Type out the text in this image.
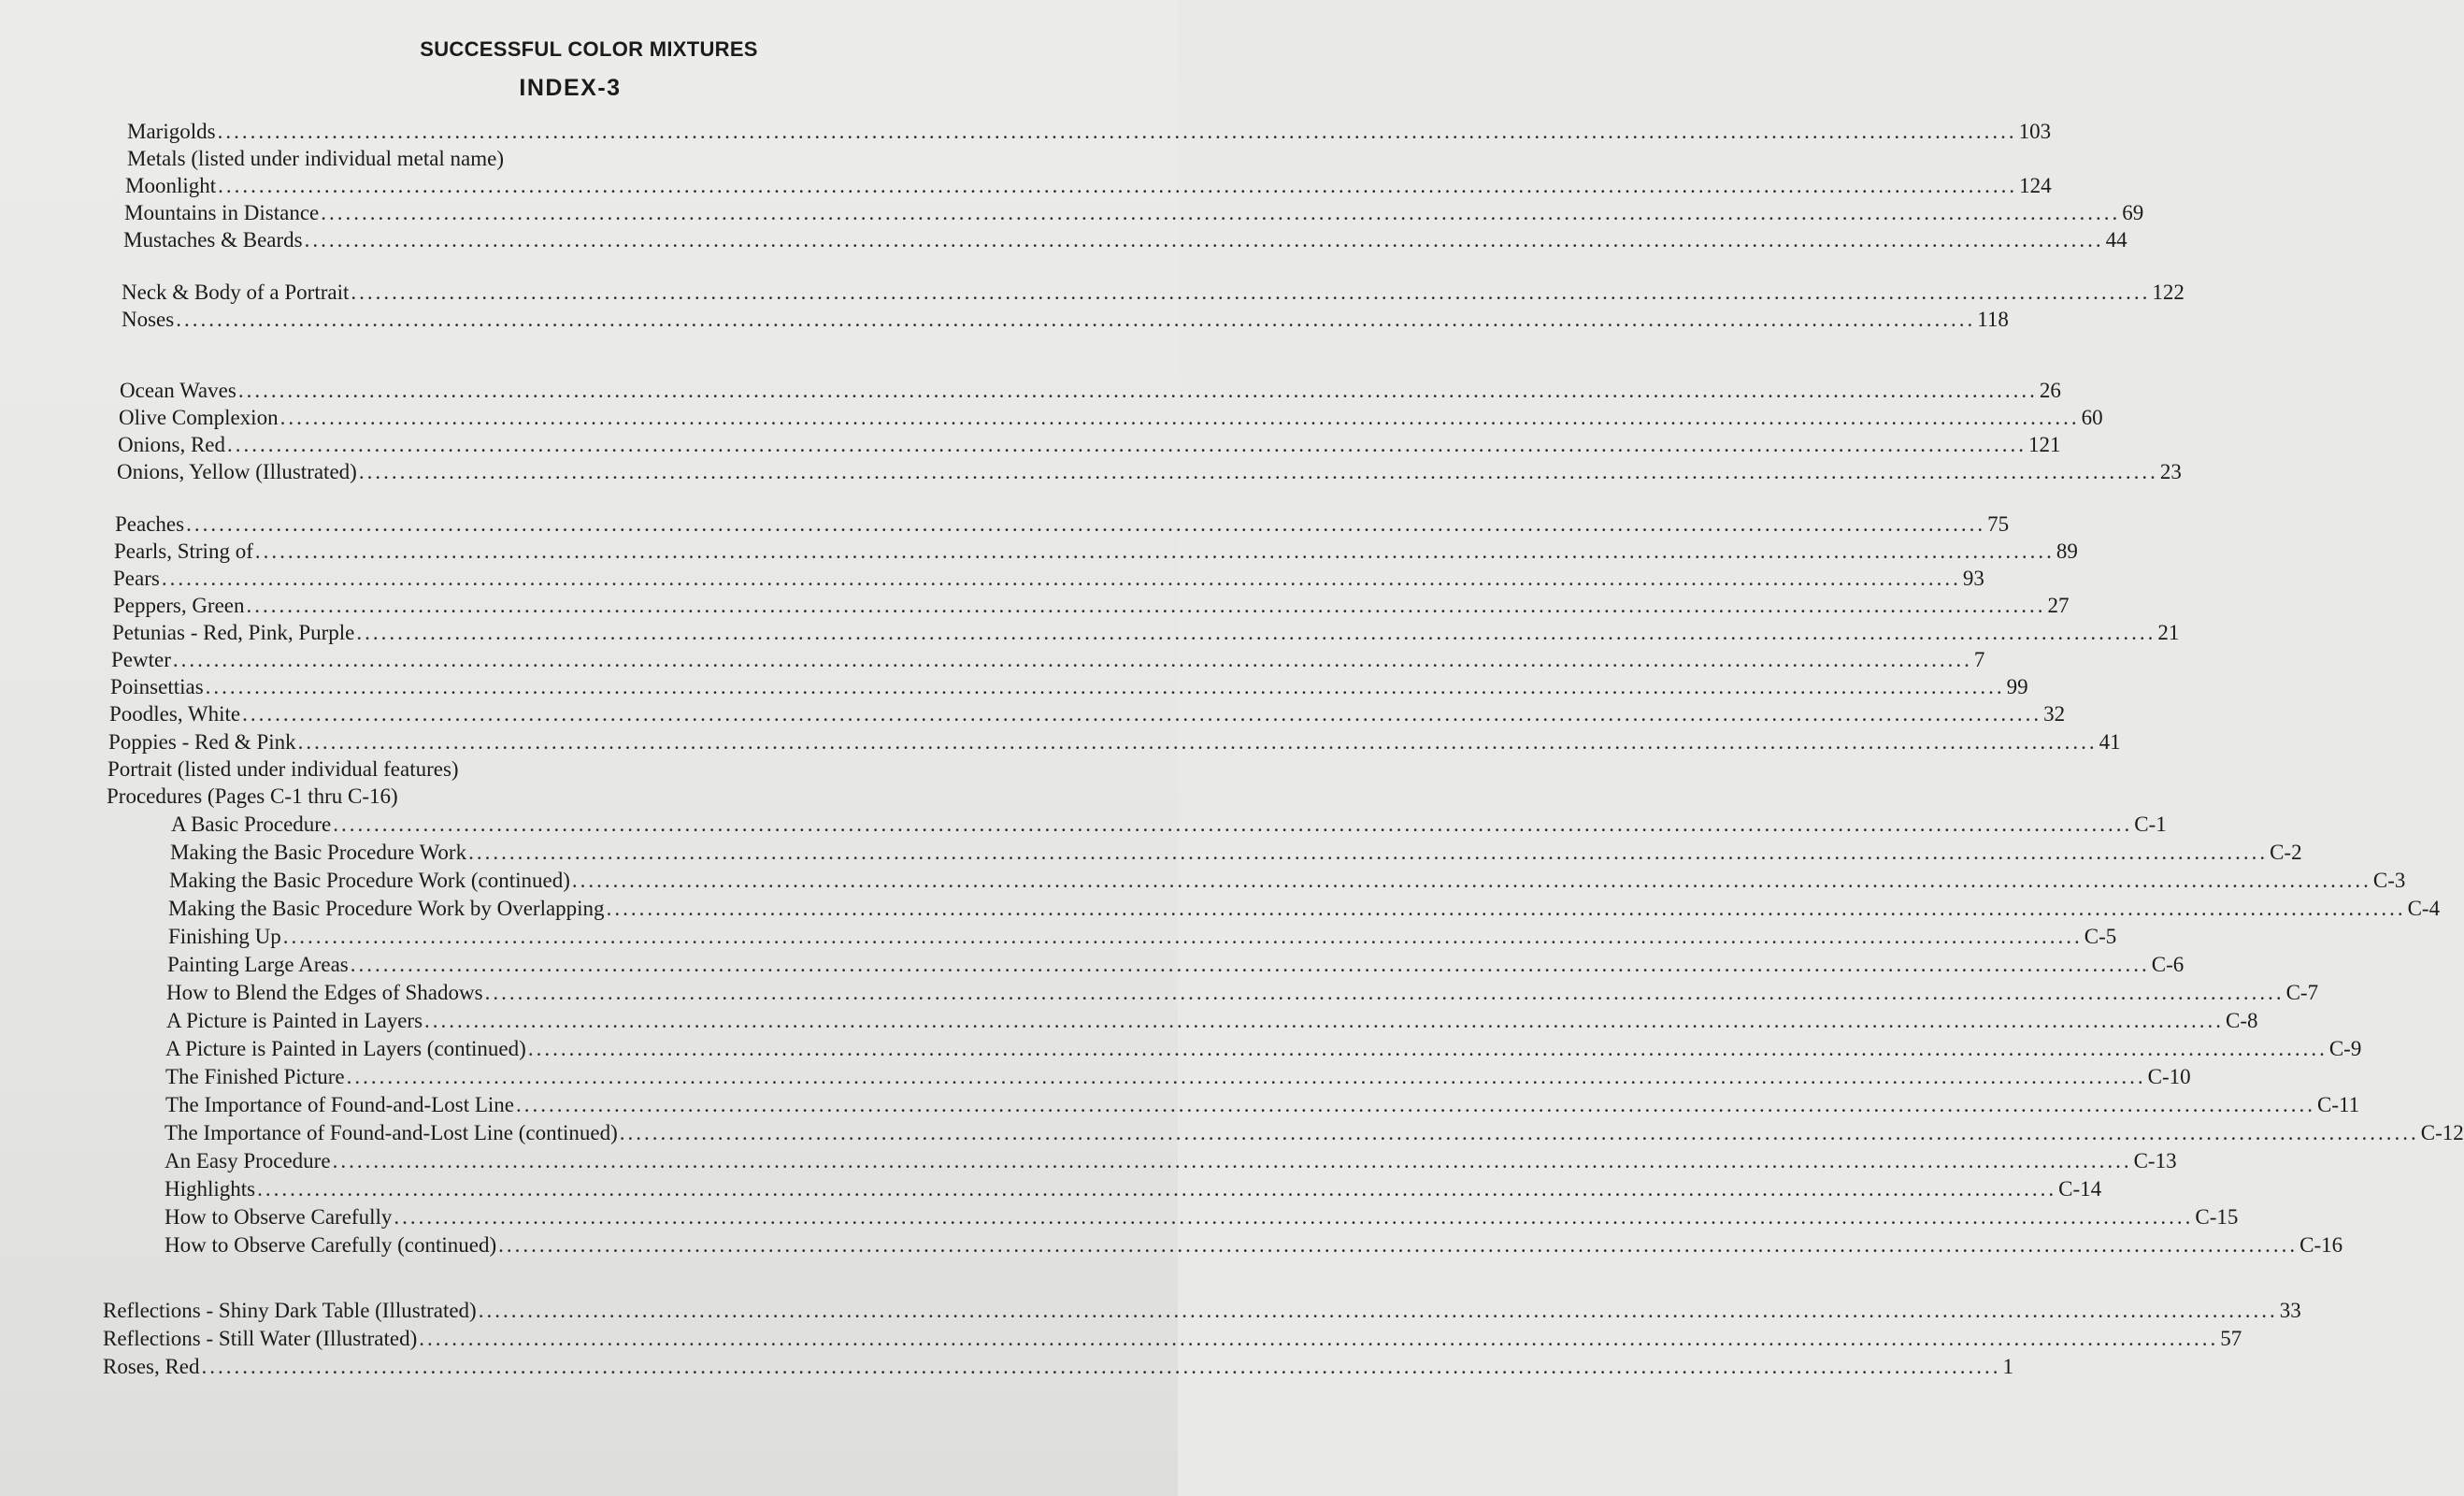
SUCCESSFUL COLOR MIXTURES
INDEX-3
Marigolds ............................................................................................................................................................................................................................ 103
Metals (listed under individual metal name)
Moonlight ............................................................................................................................................................................................................................ 124
Mountains in Distance ............................................................................................................................................................................................................................ 69
Mustaches & Beards ............................................................................................................................................................................................................................ 44
Neck & Body of a Portrait ............................................................................................................................................................................................................................ 122
Noses ............................................................................................................................................................................................................................ 118
Ocean Waves ............................................................................................................................................................................................................................ 26
Olive Complexion ............................................................................................................................................................................................................................ 60
Onions, Red ............................................................................................................................................................................................................................ 121
Onions, Yellow (Illustrated) ............................................................................................................................................................................................................................ 23
Peaches ............................................................................................................................................................................................................................ 75
Pearls, String of ............................................................................................................................................................................................................................ 89
Pears ............................................................................................................................................................................................................................ 93
Peppers, Green ............................................................................................................................................................................................................................ 27
Petunias - Red, Pink, Purple ............................................................................................................................................................................................................................ 21
Pewter ............................................................................................................................................................................................................................ 7
Poinsettias ............................................................................................................................................................................................................................ 99
Poodles, White ............................................................................................................................................................................................................................ 32
Poppies - Red & Pink ............................................................................................................................................................................................................................ 41
Portrait (listed under individual features)
Procedures (Pages C-1 thru C-16)
A Basic Procedure ............................................................................................................................................................................................................................ C-1
Making the Basic Procedure Work ............................................................................................................................................................................................................................ C-2
Making the Basic Procedure Work (continued) ............................................................................................................................................................................................................................ C-3
Making the Basic Procedure Work by Overlapping ............................................................................................................................................................................................................................ C-4
Finishing Up ............................................................................................................................................................................................................................ C-5
Painting Large Areas ............................................................................................................................................................................................................................ C-6
How to Blend the Edges of Shadows ............................................................................................................................................................................................................................ C-7
A Picture is Painted in Layers ............................................................................................................................................................................................................................ C-8
A Picture is Painted in Layers (continued) ............................................................................................................................................................................................................................ C-9
The Finished Picture ............................................................................................................................................................................................................................ C-10
The Importance of Found-and-Lost Line ............................................................................................................................................................................................................................ C-11
The Importance of Found-and-Lost Line (continued) ............................................................................................................................................................................................................................ C-12
An Easy Procedure ............................................................................................................................................................................................................................ C-13
Highlights ............................................................................................................................................................................................................................ C-14
How to Observe Carefully ............................................................................................................................................................................................................................ C-15
How to Observe Carefully (continued) ............................................................................................................................................................................................................................ C-16
Reflections - Shiny Dark Table (Illustrated) ............................................................................................................................................................................................................................ 33
Reflections - Still Water (Illustrated) ............................................................................................................................................................................................................................ 57
Roses, Red ............................................................................................................................................................................................................................ 1
